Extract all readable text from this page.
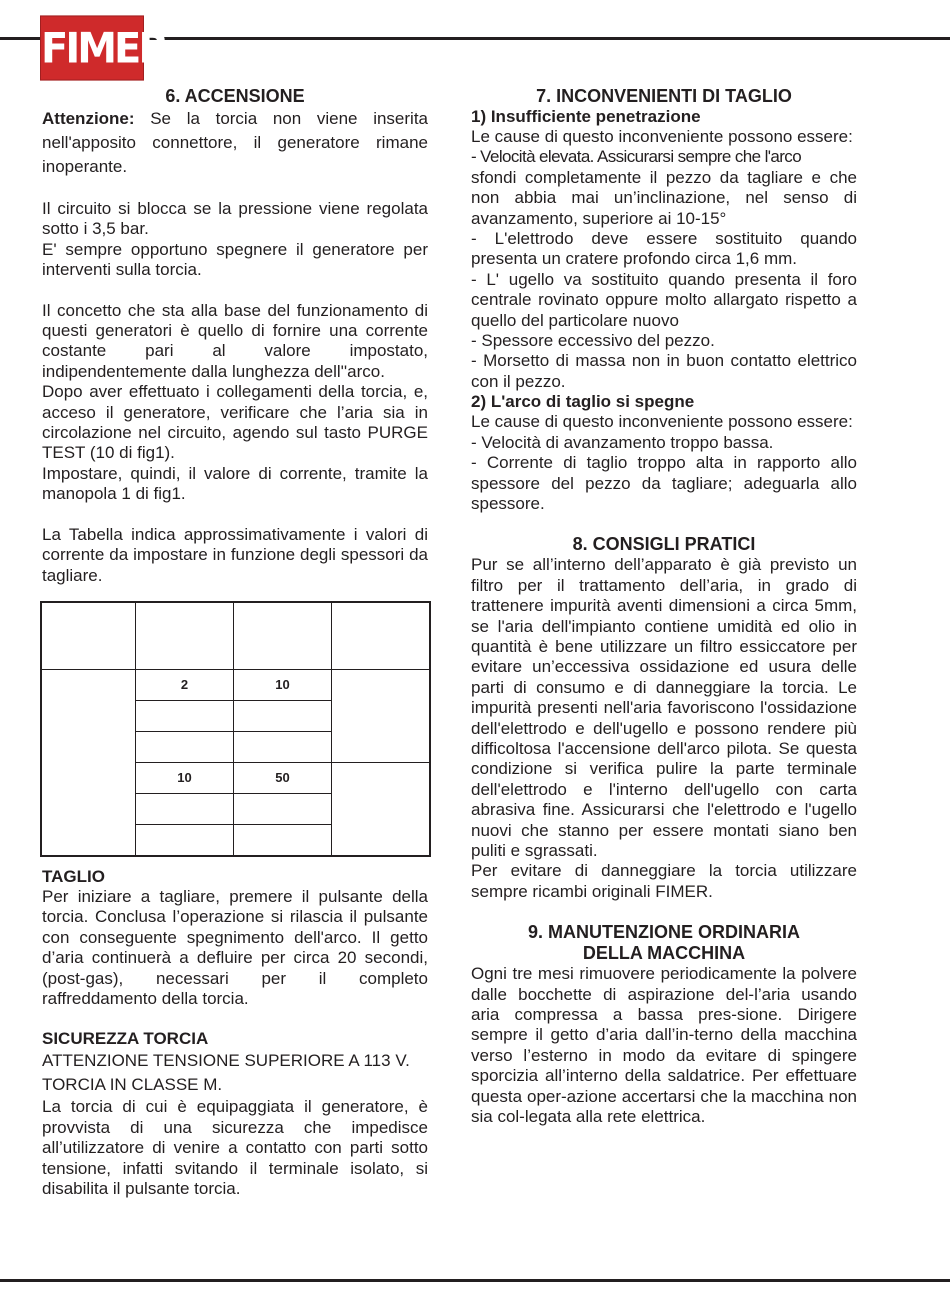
FIMER
6. ACCENSIONE

Attenzione: Se la torcia non viene inserita nell'apposito connettore, il generatore rimane inoperante.

Il circuito si blocca se la pressione viene regolata sotto i 3,5 bar.

E' sempre opportuno spegnere il generatore per interventi sulla torcia.

Il concetto che sta alla base del funzionamento di questi generatori è quello di fornire una corrente costante pari al valore impostato, indipendentemente dalla lunghezza dell''arco.

Dopo aver effettuato i collegamenti della torcia, e, acceso il generatore, verificare che l’aria sia in circolazione nel circuito, agendo sul tasto PURGE TEST (10 di fig1).

Impostare, quindi, il valore di corrente, tramite la manopola 1 di fig1.

La Tabella indica approssimativamente i valori di corrente da impostare in funzione degli spessori da tagliare.

	2	10	

	10	50	

TAGLIO

Per iniziare a tagliare, premere il pulsante della torcia. Conclusa l’operazione si rilascia il pulsante con conseguente spegnimento dell'arco. Il getto d’aria continuerà a defluire per circa 20 secondi, (post-gas), necessari per il completo raffreddamento della torcia.

SICUREZZA TORCIA

ATTENZIONE TENSIONE SUPERIORE A 113 V. TORCIA IN CLASSE M.

La torcia di cui è equipaggiata il generatore, è provvista di una sicurezza che impedisce all’utilizzatore di venire a contatto con parti sotto tensione, infatti svitando il terminale isolato, si disabilita il pulsante torcia.

7. INCONVENIENTI DI TAGLIO
1) Insufficiente penetrazione

Le cause di questo inconveniente possono essere:

- Velocità elevata. Assicurarsi sempre che l'arco

sfondi completamente il pezzo da tagliare e che non abbia mai un’inclinazione, nel senso di avanzamento, superiore ai 10-15°

- L'elettrodo deve essere sostituito quando presenta un cratere profondo circa 1,6 mm.

- L' ugello va sostituito quando presenta il foro centrale rovinato oppure molto allargato rispetto a quello del particolare nuovo

- Spessore eccessivo del pezzo.

- Morsetto di massa non in buon contatto elettrico con il pezzo.

2) L'arco di taglio si spegne

Le cause di questo inconveniente possono essere:

- Velocità di avanzamento troppo bassa.

- Corrente di taglio troppo alta in rapporto allo spessore del pezzo da tagliare; adeguarla allo spessore.

8. CONSIGLI PRATICI

Pur se all’interno dell’apparato è già previsto un filtro per il trattamento dell’aria, in grado di trattenere impurità aventi dimensioni a circa 5mm, se l'aria dell'impianto contiene umidità ed olio in quantità è bene utilizzare un filtro essiccatore per evitare un’eccessiva ossidazione ed usura delle parti di consumo e di danneggiare la torcia. Le impurità presenti nell'aria favoriscono l'ossidazione dell'elettrodo e dell'ugello e possono rendere più difficoltosa l'accensione dell'arco pilota. Se questa condizione si verifica pulire la parte terminale dell'elettrodo e l'interno dell'ugello con carta abrasiva fine. Assicurarsi che l'elettrodo e l'ugello nuovi che stanno per essere montati siano ben puliti e sgrassati.

Per evitare di danneggiare la torcia utilizzare sempre ricambi originali FIMER.

9. MANUTENZIONE ORDINARIA
DELLA MACCHINA

Ogni tre mesi rimuovere periodicamente la polvere dalle bocchette di aspirazione del-l’aria usando aria compressa a bassa pres-sione. Dirigere sempre il getto d’aria dall’in-terno della macchina verso l’esterno in modo da evitare di spingere sporcizia all’interno della saldatrice. Per effettuare questa oper-azione accertarsi che la macchina non sia col-legata alla rete elettrica.
